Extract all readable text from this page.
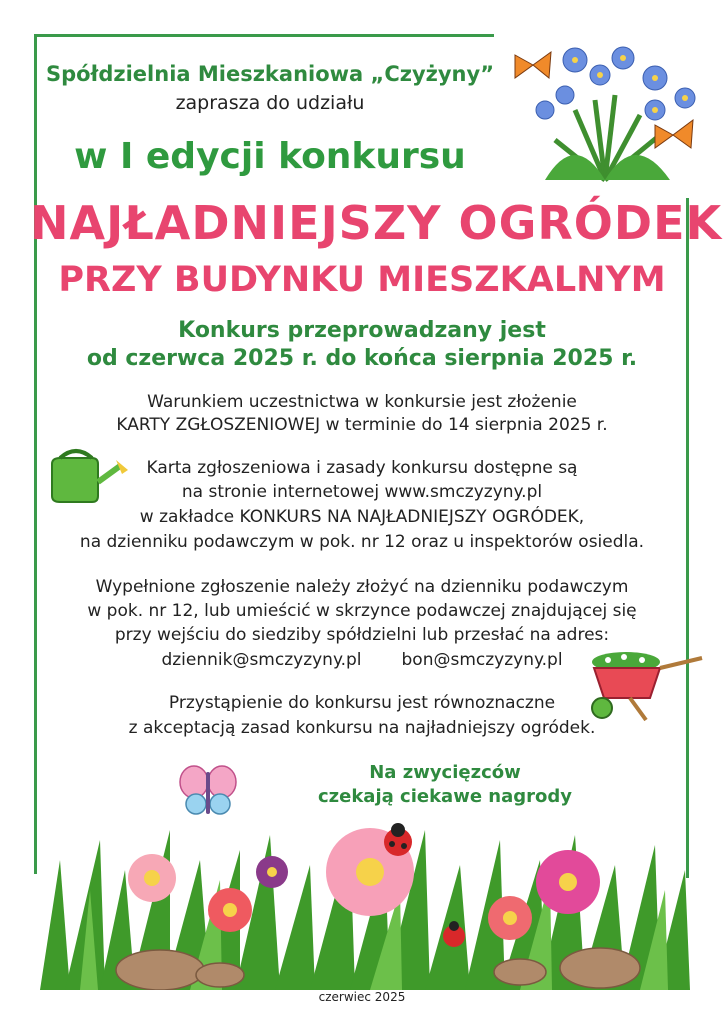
Spółdzielnia Mieszkaniowa „Czyżyny”
zaprasza do udziału
w I edycji konkursu
NAJŁADNIEJSZY OGRÓDEK
PRZY BUDYNKU MIESZKALNYM
Konkurs przeprowadzany jest
od czerwca 2025 r. do końca sierpnia 2025 r.
Warunkiem uczestnictwa w konkursie jest złożenie
KARTY ZGŁOSZENIOWEJ w terminie do 14 sierpnia 2025 r.
Karta zgłoszeniowa i zasady konkursu dostępne są
na stronie internetowej www.smczyzyny.pl
w zakładce KONKURS NA NAJŁADNIEJSZY OGRÓDEK,
na dzienniku podawczym w pok. nr 12 oraz u inspektorów osiedla.
Wypełnione zgłoszenie należy złożyć na dzienniku podawczym
w pok. nr 12, lub umieścić w skrzynce podawczej znajdującej się
przy wejściu do siedziby spółdzielni lub przesłać na adres:
dziennik@smczyzyny.pl bon@smczyzyny.pl
Przystąpienie do konkursu jest równoznaczne
z akceptacją zasad konkursu na najładniejszy ogródek.
Na zwycięzców
czekają ciekawe nagrody
czerwiec 2025
